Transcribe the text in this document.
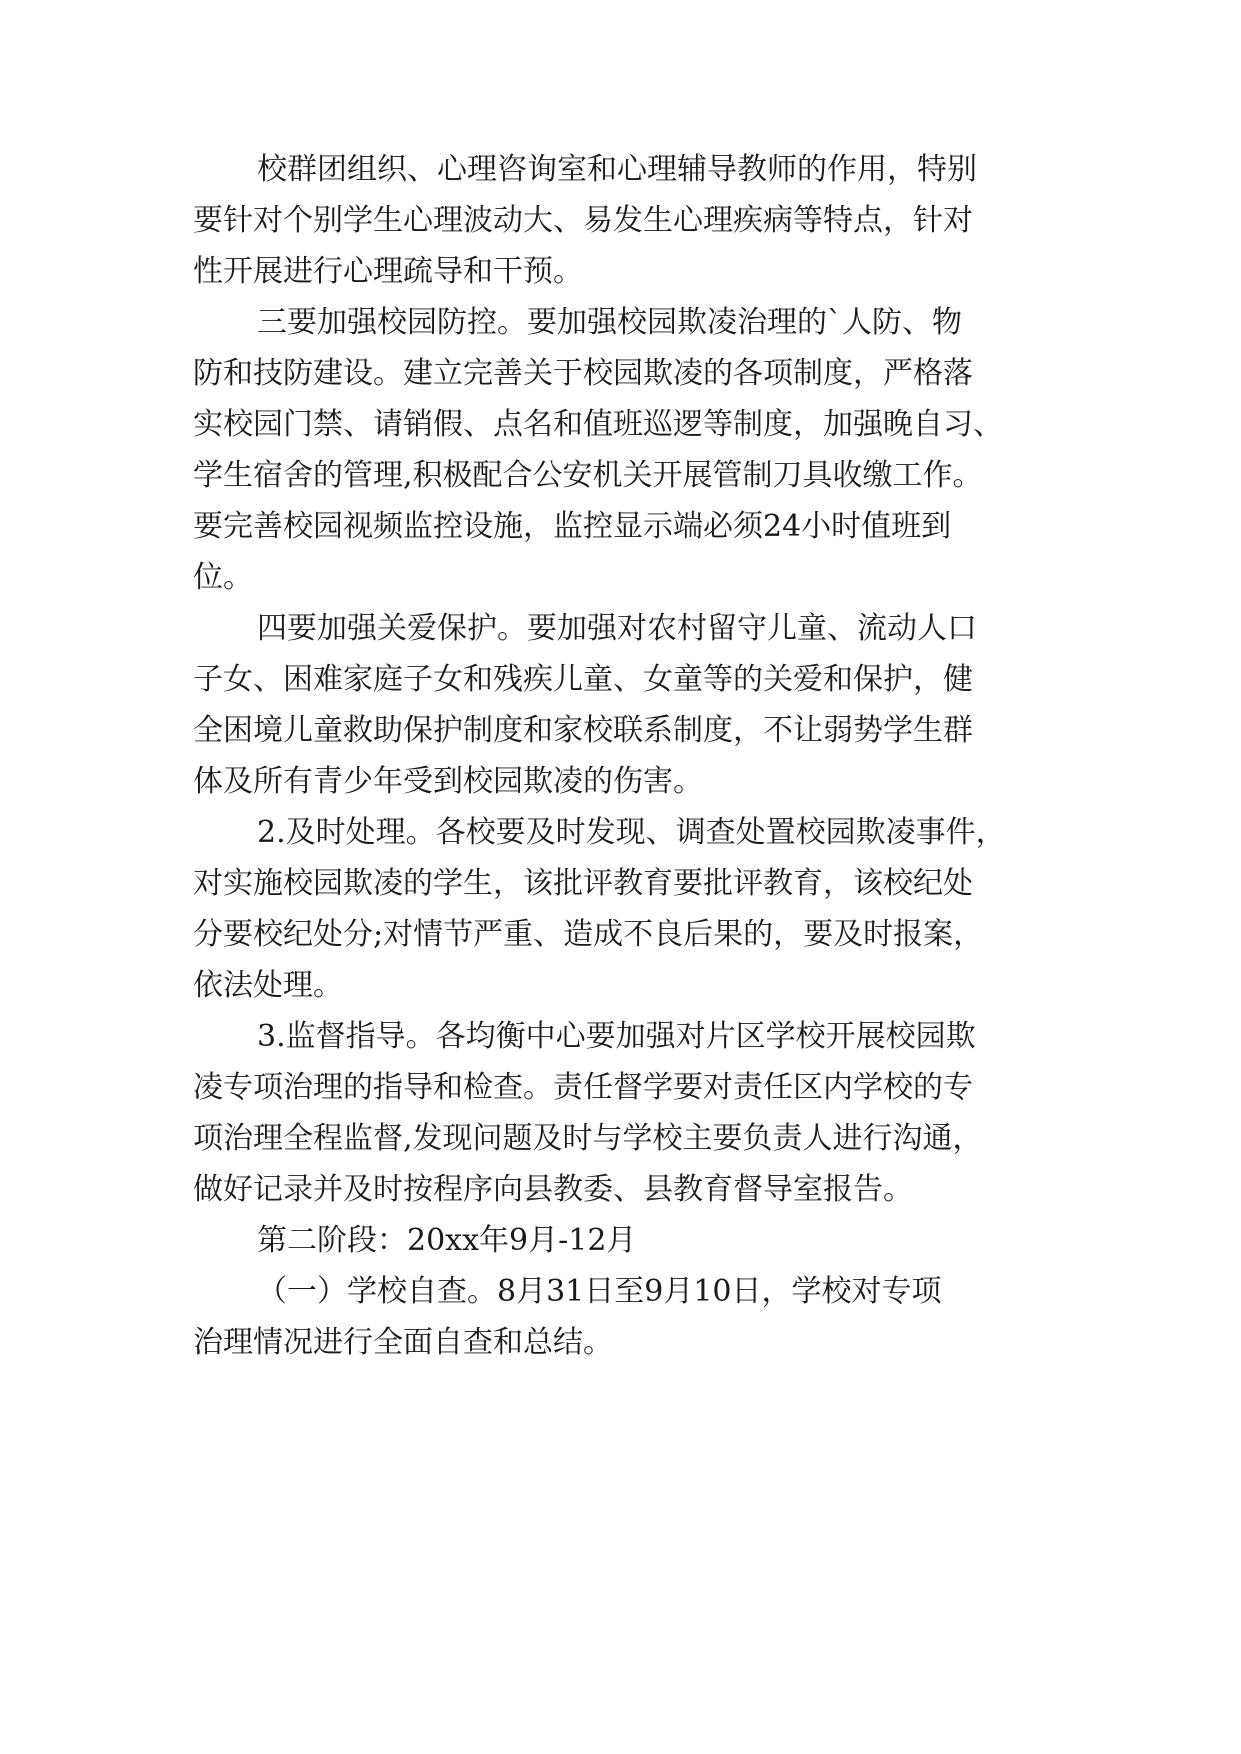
校群团组织、心理咨询室和心理辅导教师的作用，特别

要针对个别学生心理波动大、易发生心理疾病等特点，针对

性开展进行心理疏导和干预。

三要加强校园防控。要加强校园欺凌治理的`人防、物

防和技防建设。建立完善关于校园欺凌的各项制度，严格落

实校园门禁、请销假、点名和值班巡逻等制度，加强晚自习、

学生宿舍的管理,积极配合公安机关开展管制刀具收缴工作。

要完善校园视频监控设施，监控显示端必须24小时值班到

位。

四要加强关爱保护。要加强对农村留守儿童、流动人口

子女、困难家庭子女和残疾儿童、女童等的关爱和保护，健

全困境儿童救助保护制度和家校联系制度，不让弱势学生群

体及所有青少年受到校园欺凌的伤害。

2.及时处理。各校要及时发现、调查处置校园欺凌事件，

对实施校园欺凌的学生，该批评教育要批评教育，该校纪处

分要校纪处分;对情节严重、造成不良后果的，要及时报案，

依法处理。

3.监督指导。各均衡中心要加强对片区学校开展校园欺

凌专项治理的指导和检查。责任督学要对责任区内学校的专

项治理全程监督,发现问题及时与学校主要负责人进行沟通，

做好记录并及时按程序向县教委、县教育督导室报告。

第二阶段：20xx年9月-12月

（一）学校自查。8月31日至9月10日，学校对专项

治理情况进行全面自查和总结。
